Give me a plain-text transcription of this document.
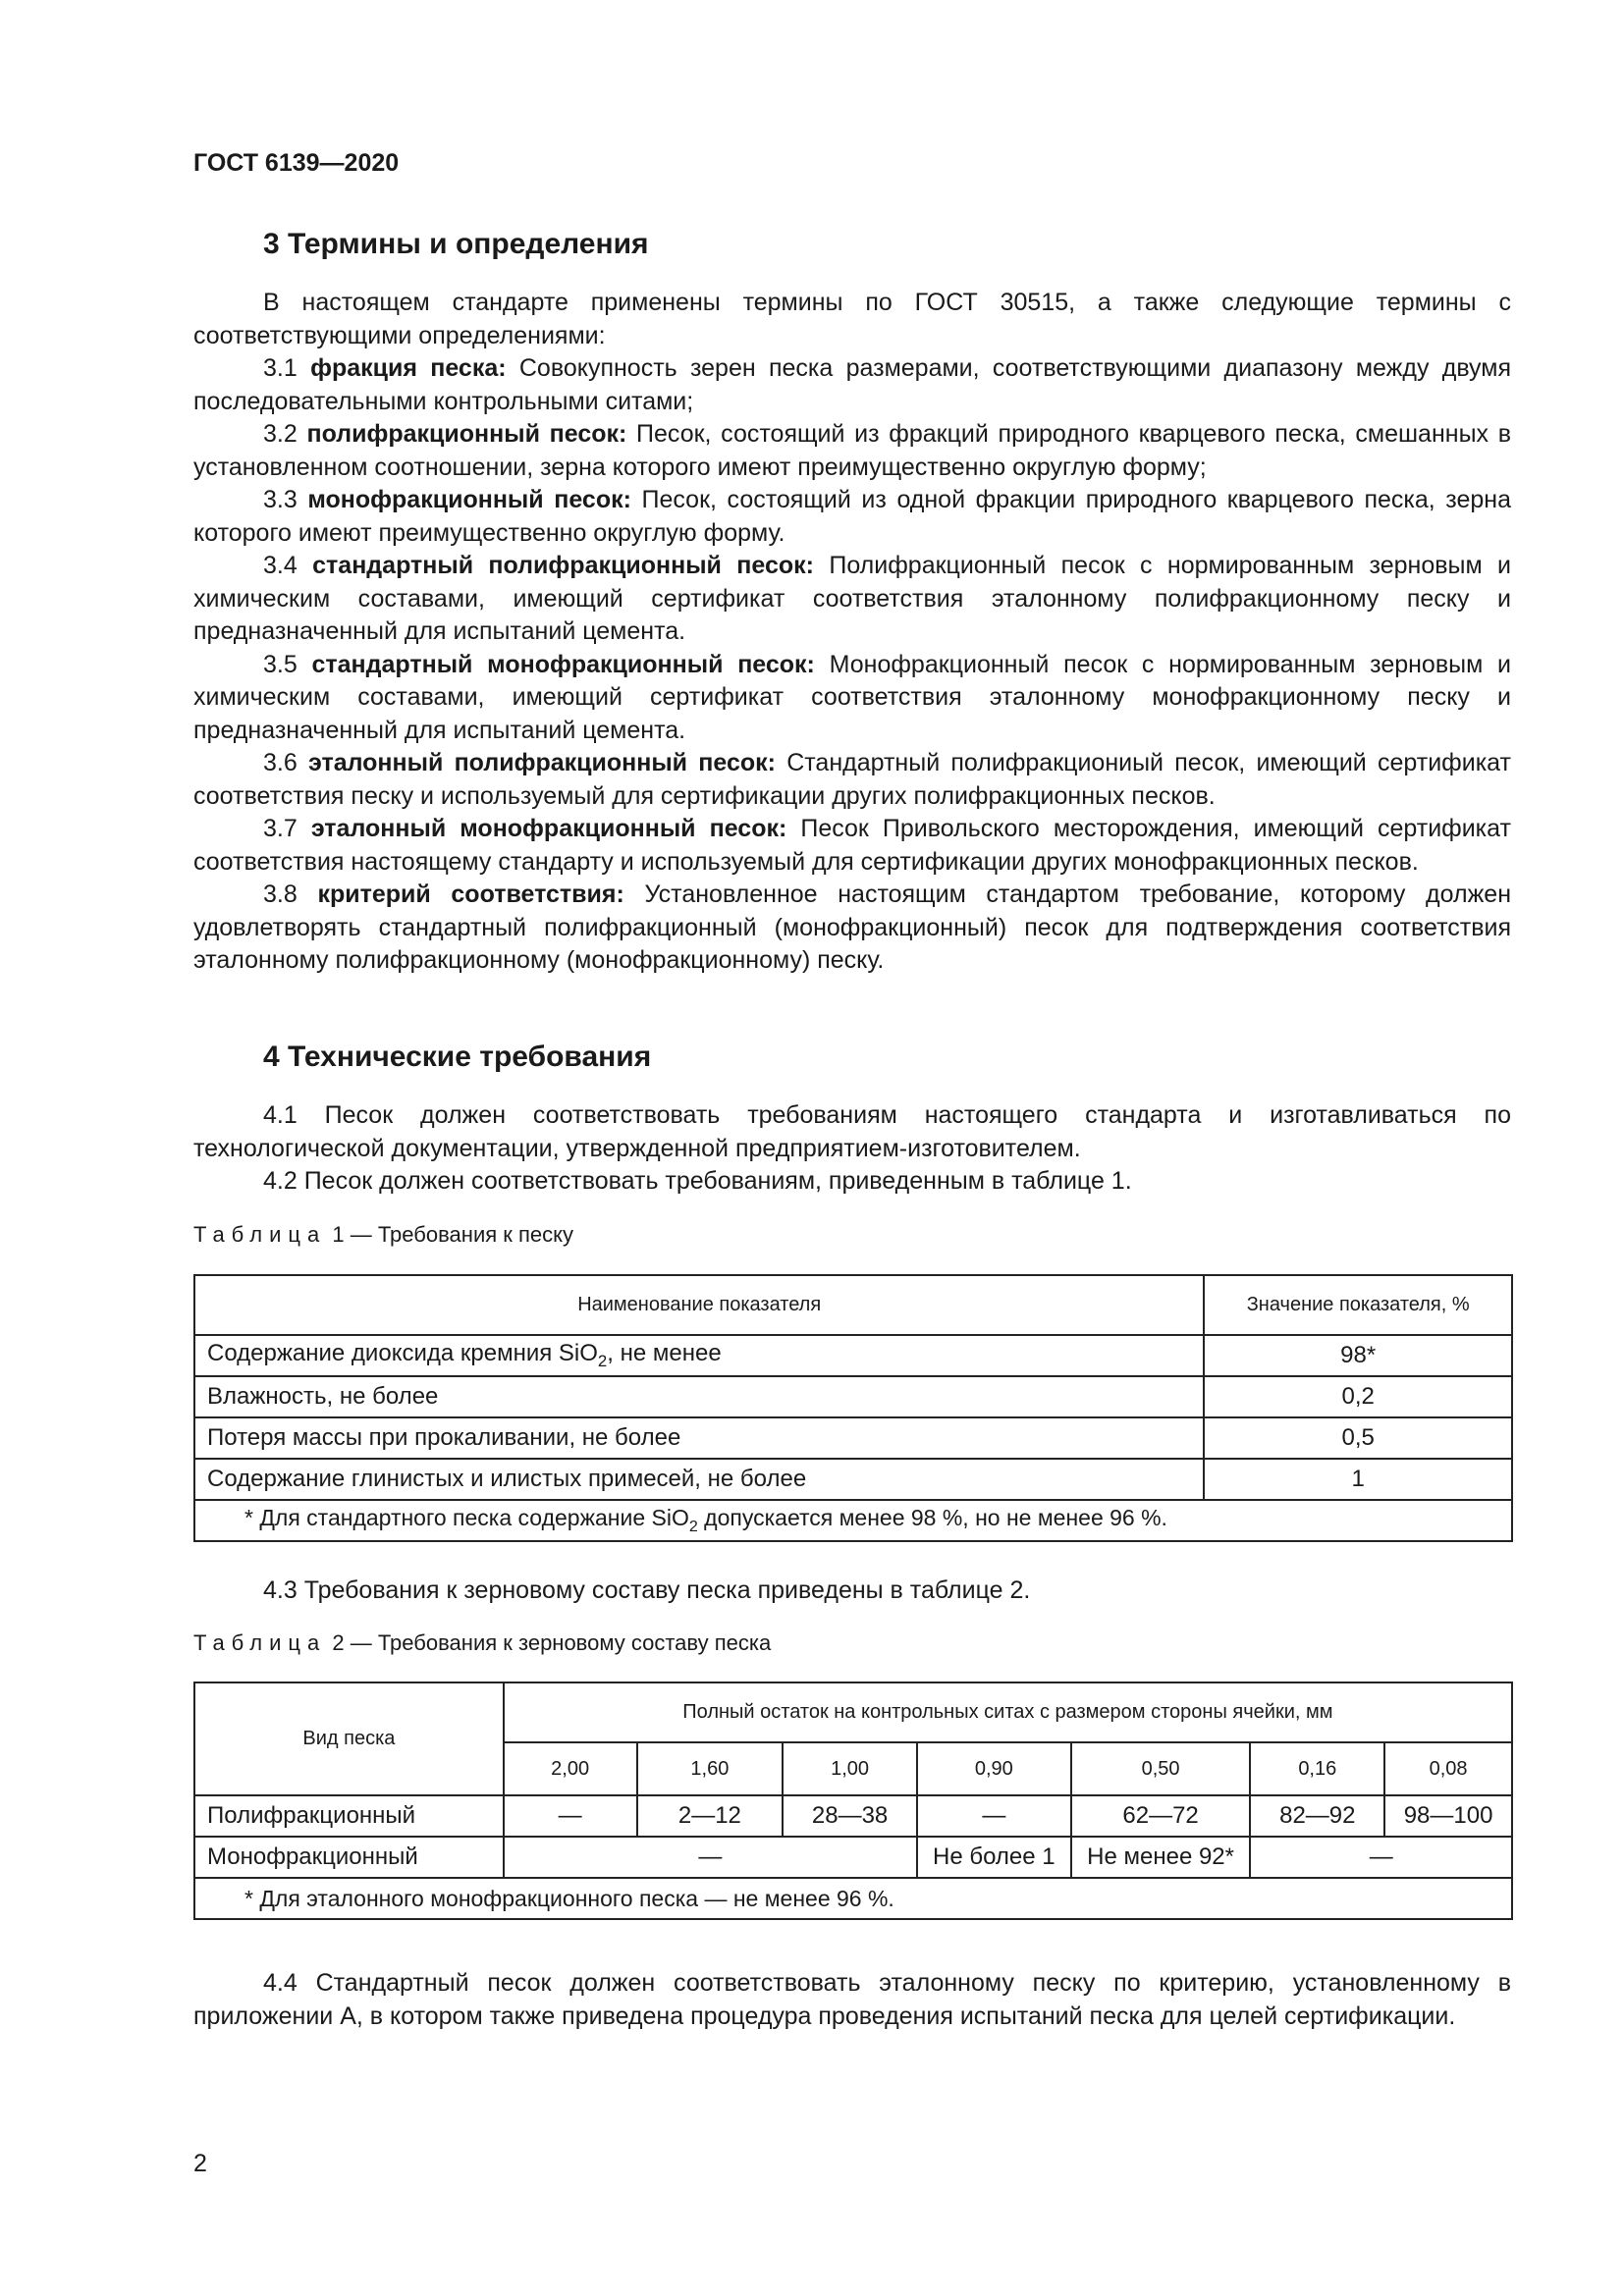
ГОСТ 6139—2020
3 Термины и определения

В настоящем стандарте применены термины по ГОСТ 30515, а также следующие термины с соответствующими определениями:

3.1 фракция песка: Совокупность зерен песка размерами, соответствующими диапазону между двумя последовательными контрольными ситами;

3.2 полифракционный песок: Песок, состоящий из фракций природного кварцевого песка, смешанных в установленном соотношении, зерна которого имеют преимущественно округлую форму;

3.3 монофракционный песок: Песок, состоящий из одной фракции природного кварцевого песка, зерна которого имеют преимущественно округлую форму.

3.4 стандартный полифракционный песок: Полифракционный песок с нормированным зерновым и химическим составами, имеющий сертификат соответствия эталонному полифракционному песку и предназначенный для испытаний цемента.

3.5 стандартный монофракционный песок: Монофракционный песок с нормированным зерновым и химическим составами, имеющий сертификат соответствия эталонному монофракционному песку и предназначенный для испытаний цемента.

3.6 эталонный полифракционный песок: Стандартный полифракциониый песок, имеющий сертификат соответствия песку и используемый для сертификации других полифракционных песков.

3.7 эталонный монофракционный песок: Песок Привольского месторождения, имеющий сертификат соответствия настоящему стандарту и используемый для сертификации других монофракционных песков.

3.8 критерий соответствия: Установленное настоящим стандартом требование, которому должен удовлетворять стандартный полифракционный (монофракционный) песок для подтверждения соответствия эталонному полифракционному (монофракционному) песку.

4 Технические требования

4.1 Песок должен соответствовать требованиям настоящего стандарта и изготавливаться по технологической документации, утвержденной предприятием-изготовителем.

4.2 Песок должен соответствовать требованиям, приведенным в таблице 1.

Таблица 1 — Требования к песку
Наименование показателя	Значение показателя, %
Содержание диоксида кремния SiO$_2$, не менее	98*
Влажность, не более	0,2
Потеря массы при прокаливании, не более	0,5
Содержание глинистых и илистых примесей, не более	1
* Для стандартного песка содержание SiO$_2$ допускается менее 98 %, но не менее 96 %.	

4.3 Требования к зерновому составу песка приведены в таблице 2.

Таблица 2 — Требования к зерновому составу песка
Вид песка	Полный остаток на контрольных ситах с размером стороны ячейки, мм						
	2,00	1,60	1,00	0,90	0,50	0,16	0,08
Полифракционный	—	2—12	28—38	—	62—72	82—92	98—100
Монофракционный	—			Не более 1	Не менее 92*	—	
* Для эталонного монофракционного песка — не менее 96 %.							

4.4 Стандартный песок должен соответствовать эталонному песку по критерию, установленному в приложении А, в котором также приведена процедура проведения испытаний песка для целей сертификации.

2
